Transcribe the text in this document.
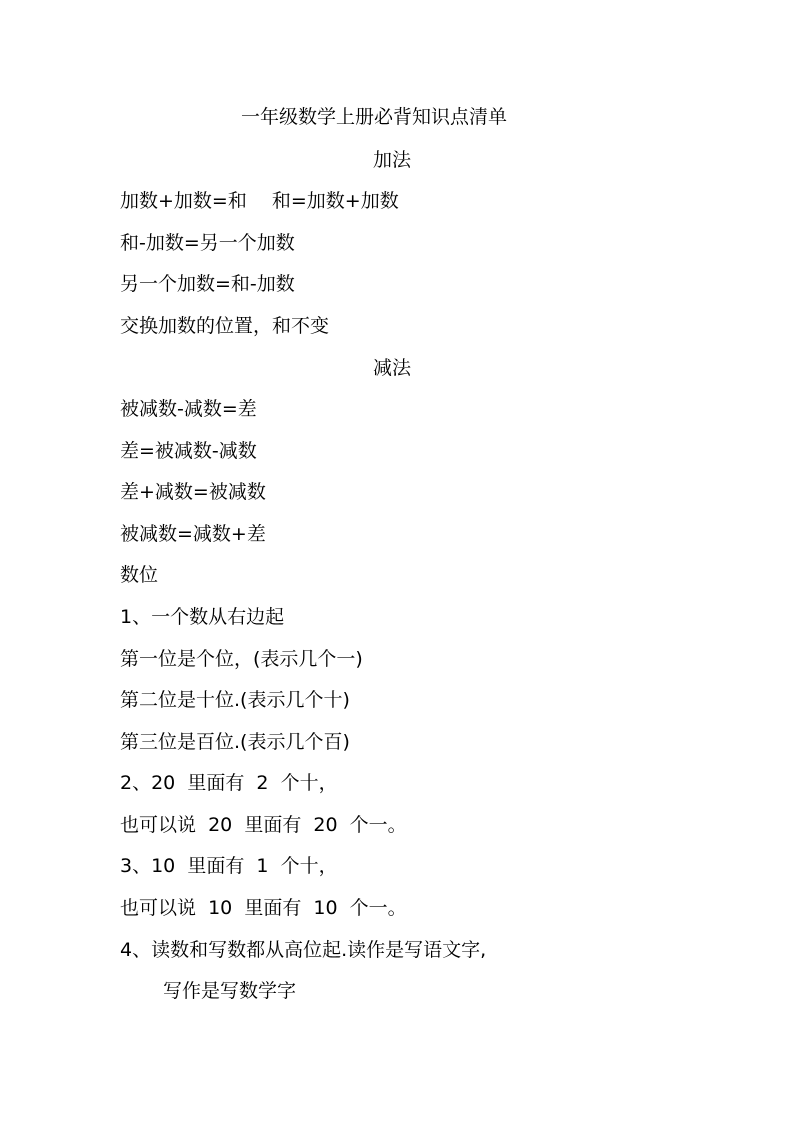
一年级数学上册必背知识点清单
加法
加数+加数=和　 和=加数+加数
和-加数=另一个加数
另一个加数=和-加数
交换加数的位置，和不变
减法
被减数-减数=差
差=被减数-减数
差+减数=被减数
被减数=减数+差
数位
1、一个数从右边起
第一位是个位，(表示几个一)
第二位是十位.(表示几个十)
第三位是百位.(表示几个百)
2、20  里面有  2  个十，
也可以说  20  里面有  20  个一。
3、10  里面有  1  个十，
也可以说  10  里面有  10  个一。
4、读数和写数都从高位起.读作是写语文字,
写作是写数学字
